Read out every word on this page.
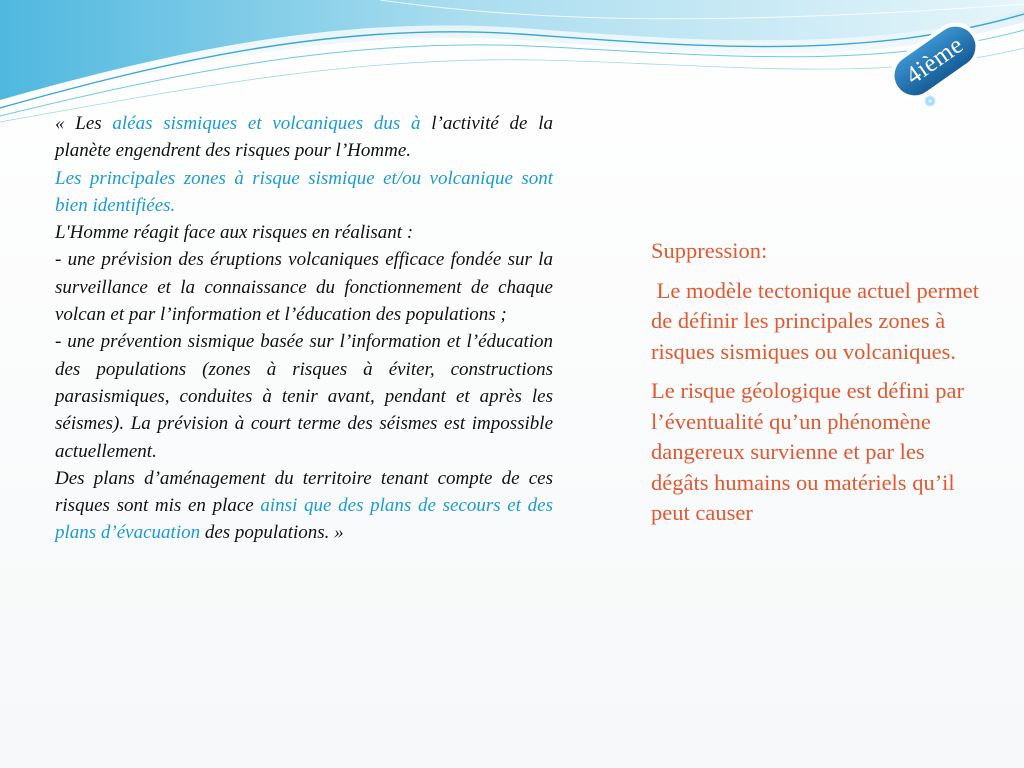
4ième

« Les aléas sismiques et volcaniques dus à l’activité de la planète engendrent des risques pour l’Homme.

Les principales zones à risque sismique et/ou volcanique sont bien identifiées.

L'Homme réagit face aux risques en réalisant :

- une prévision des éruptions volcaniques efficace fondée sur la surveillance et la connaissance du fonctionnement de chaque volcan et par l’information et l’éducation des populations ;

- une prévention sismique basée sur l’information et l’éducation des populations (zones à risques à éviter, constructions parasismiques, conduites à tenir avant, pendant et après les séismes). La prévision à court terme des séismes est impossible actuellement.

Des plans d’aménagement du territoire tenant compte de ces risques sont mis en place ainsi que des plans de secours et des plans d’évacuation des populations. »

Suppression:

Le modèle tectonique actuel permet de définir les principales zones à risques sismiques ou volcaniques.

Le risque géologique est défini par l’éventualité qu’un phénomène dangereux survienne et par les dégâts humains ou matériels qu’il peut causer
